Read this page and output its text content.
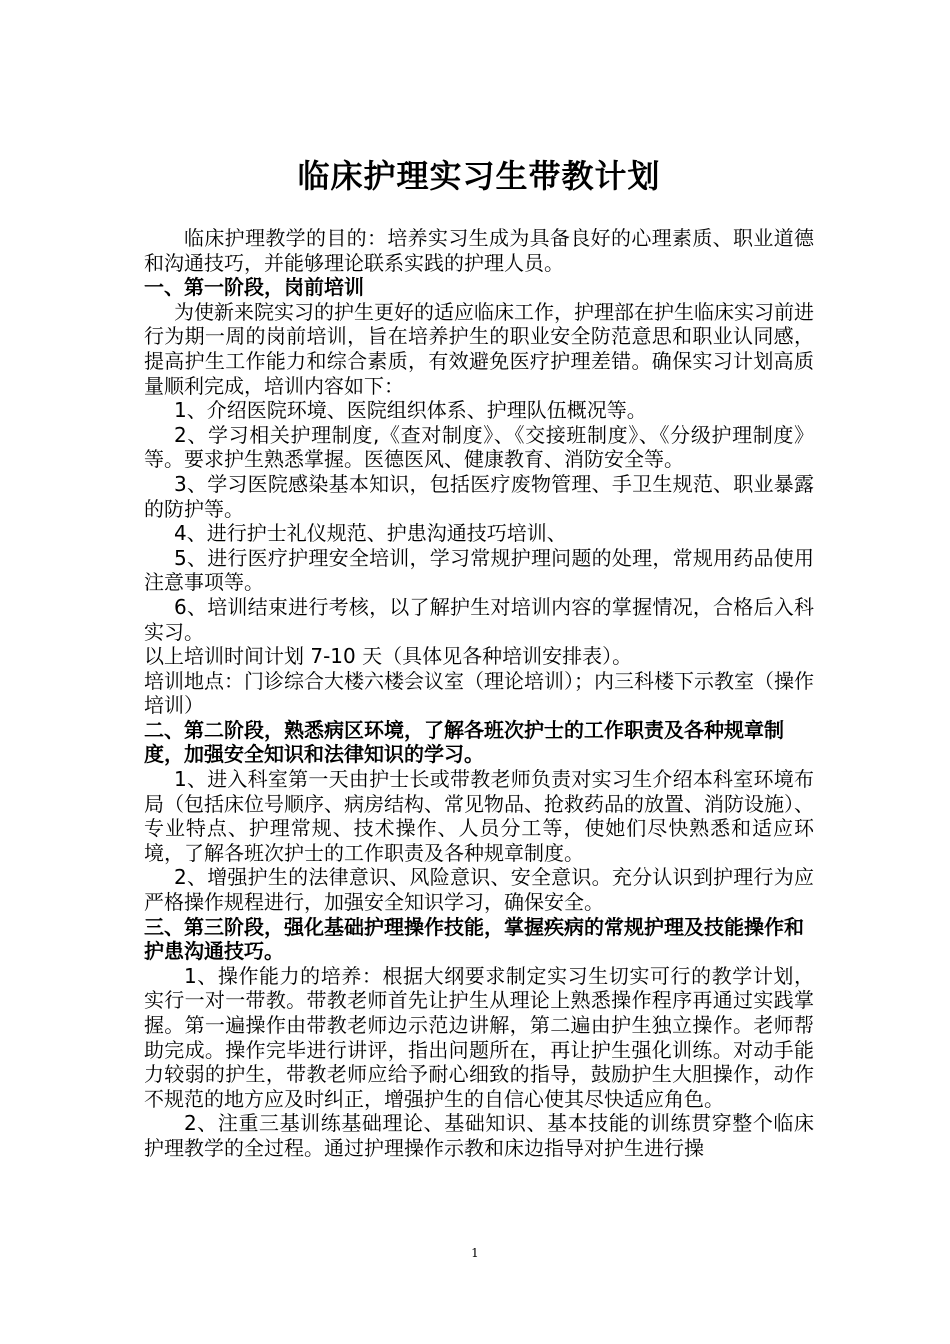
临床护理实习生带教计划

临床护理教学的目的：培养实习生成为具备良好的心理素质、职业道德和沟通技巧，并能够理论联系实践的护理人员。

一、第一阶段，岗前培训

为使新来院实习的护生更好的适应临床工作，护理部在护生临床实习前进行为期一周的岗前培训，旨在培养护生的职业安全防范意思和职业认同感，提高护生工作能力和综合素质，有效避免医疗护理差错。确保实习计划高质量顺利完成，培训内容如下：

1、介绍医院环境、医院组织体系、护理队伍概况等。

2、学习相关护理制度,《查对制度》、《交接班制度》、《分级护理制度》等。要求护生熟悉掌握。医德医风、健康教育、消防安全等。

3、学习医院感染基本知识，包括医疗废物管理、手卫生规范、职业暴露的防护等。

4、进行护士礼仪规范、护患沟通技巧培训、

5、进行医疗护理安全培训，学习常规护理问题的处理，常规用药品使用注意事项等。

6、培训结束进行考核，以了解护生对培训内容的掌握情况，合格后入科实习。

以上培训时间计划 7-10 天（具体见各种培训安排表）。

培训地点：门诊综合大楼六楼会议室（理论培训）；内三科楼下示教室（操作培训）

二、第二阶段，熟悉病区环境，了解各班次护士的工作职责及各种规章制度，加强安全知识和法律知识的学习。

1、进入科室第一天由护士长或带教老师负责对实习生介绍本科室环境布局（包括床位号顺序、病房结构、常见物品、抢救药品的放置、消防设施）、专业特点、护理常规、技术操作、人员分工等，使她们尽快熟悉和适应环境，了解各班次护士的工作职责及各种规章制度。

2、增强护生的法律意识、风险意识、安全意识。充分认识到护理行为应严格操作规程进行，加强安全知识学习，确保安全。

三、第三阶段，强化基础护理操作技能，掌握疾病的常规护理及技能操作和护患沟通技巧。

1、操作能力的培养：根据大纲要求制定实习生切实可行的教学计划，实行一对一带教。带教老师首先让护生从理论上熟悉操作程序再通过实践掌握。第一遍操作由带教老师边示范边讲解，第二遍由护生独立操作。老师帮助完成。操作完毕进行讲评，指出问题所在，再让护生强化训练。对动手能力较弱的护生，带教老师应给予耐心细致的指导，鼓励护生大胆操作，动作不规范的地方应及时纠正，增强护生的自信心使其尽快适应角色。

2、注重三基训练基础理论、基础知识、基本技能的训练贯穿整个临床护理教学的全过程。通过护理操作示教和床边指导对护生进行操

1
